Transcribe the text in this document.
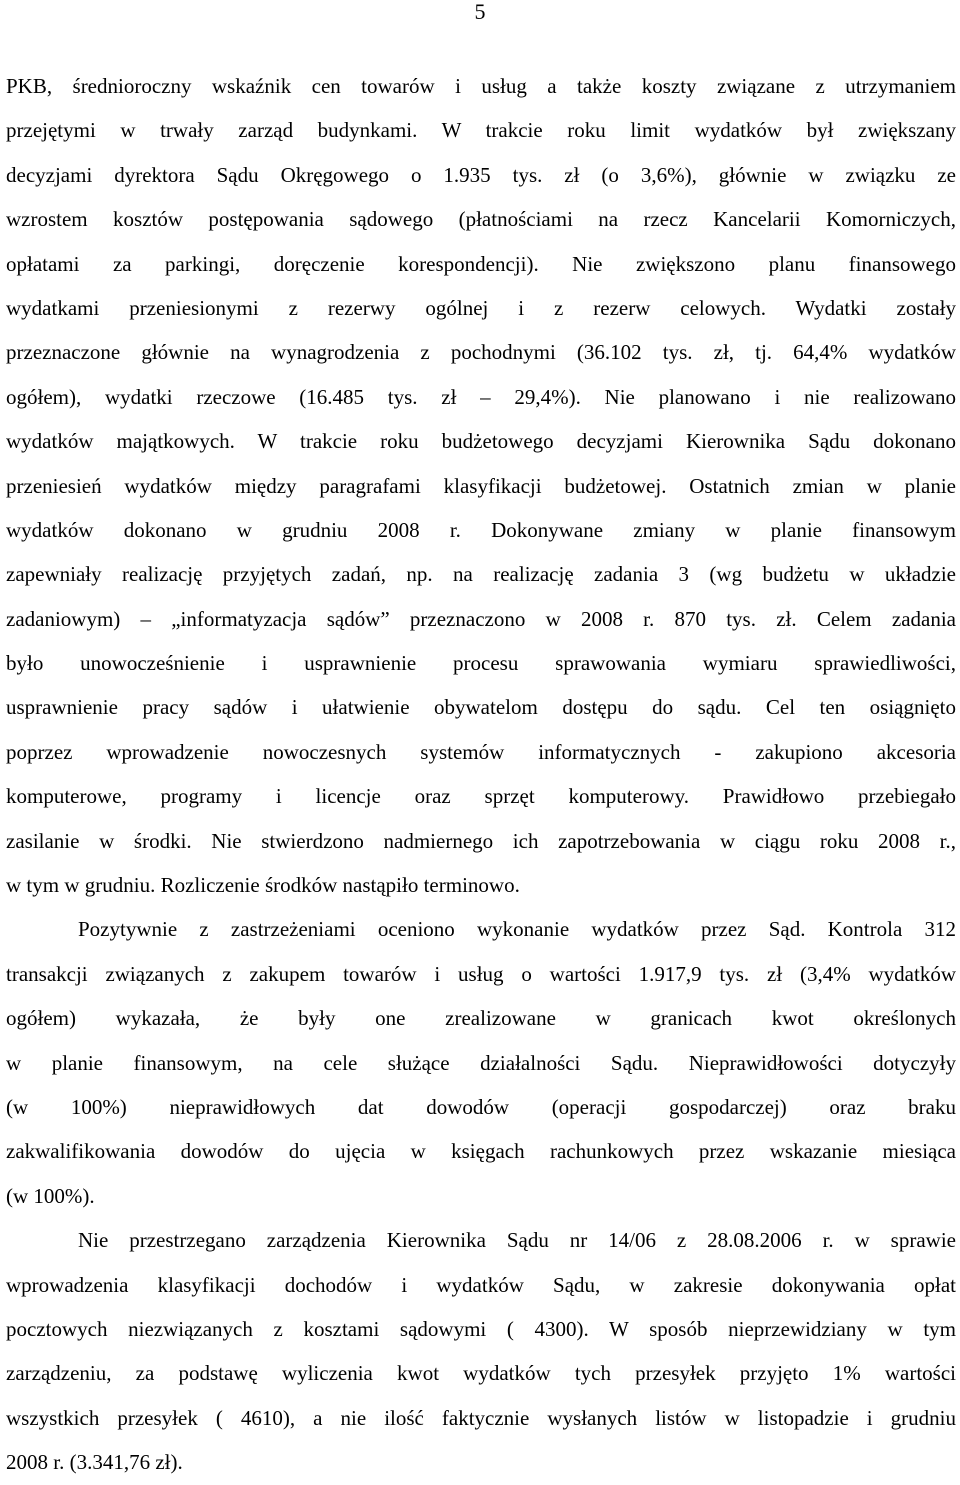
5
PKB, średnioroczny wskaźnik cen towarów i usług a także koszty związane z utrzymaniem
przejętymi w trwały zarząd budynkami. W trakcie roku limit wydatków był zwiększany
decyzjami dyrektora Sądu Okręgowego o 1.935 tys. zł (o 3,6%), głównie w związku ze
wzrostem kosztów postępowania sądowego (płatnościami na rzecz Kancelarii Komorniczych,
opłatami za parkingi, doręczenie korespondencji). Nie zwiększono planu finansowego
wydatkami przeniesionymi z rezerwy ogólnej i z rezerw celowych. Wydatki zostały
przeznaczone głównie na wynagrodzenia z pochodnymi (36.102 tys. zł, tj. 64,4% wydatków
ogółem), wydatki rzeczowe (16.485 tys. zł – 29,4%). Nie planowano i nie realizowano
wydatków majątkowych. W trakcie roku budżetowego decyzjami Kierownika Sądu dokonano
przeniesień wydatków między paragrafami klasyfikacji budżetowej. Ostatnich zmian w planie
wydatków dokonano w grudniu 2008 r. Dokonywane zmiany w planie finansowym
zapewniały realizację przyjętych zadań, np. na realizację zadania 3 (wg budżetu w układzie
zadaniowym) – „informatyzacja sądów” przeznaczono w 2008 r. 870 tys. zł. Celem zadania
było unowocześnienie i usprawnienie procesu sprawowania wymiaru sprawiedliwości,
usprawnienie pracy sądów i ułatwienie obywatelom dostępu do sądu. Cel ten osiągnięto
poprzez wprowadzenie nowoczesnych systemów informatycznych - zakupiono akcesoria
komputerowe, programy i licencje oraz sprzęt komputerowy. Prawidłowo przebiegało
zasilanie w środki. Nie stwierdzono nadmiernego ich zapotrzebowania w ciągu roku 2008 r.,
w tym w grudniu. Rozliczenie środków nastąpiło terminowo.
Pozytywnie z zastrzeżeniami oceniono wykonanie wydatków przez Sąd. Kontrola 312
transakcji związanych z zakupem towarów i usług o wartości 1.917,9 tys. zł (3,4% wydatków
ogółem) wykazała, że były one zrealizowane w granicach kwot określonych
w planie finansowym, na cele służące działalności Sądu. Nieprawidłowości dotyczyły
(w 100%) nieprawidłowych dat dowodów (operacji gospodarczej) oraz braku
zakwalifikowania dowodów do ujęcia w księgach rachunkowych przez wskazanie miesiąca
(w 100%).
Nie przestrzegano zarządzenia Kierownika Sądu nr 14/06 z 28.08.2006 r. w sprawie
wprowadzenia klasyfikacji dochodów i wydatków Sądu, w zakresie dokonywania opłat
pocztowych niezwiązanych z kosztami sądowymi ( 4300). W sposób nieprzewidziany w tym
zarządzeniu, za podstawę wyliczenia kwot wydatków tych przesyłek przyjęto 1% wartości
wszystkich przesyłek ( 4610), a nie ilość faktycznie wysłanych listów w listopadzie i grudniu
2008 r. (3.341,76 zł).
